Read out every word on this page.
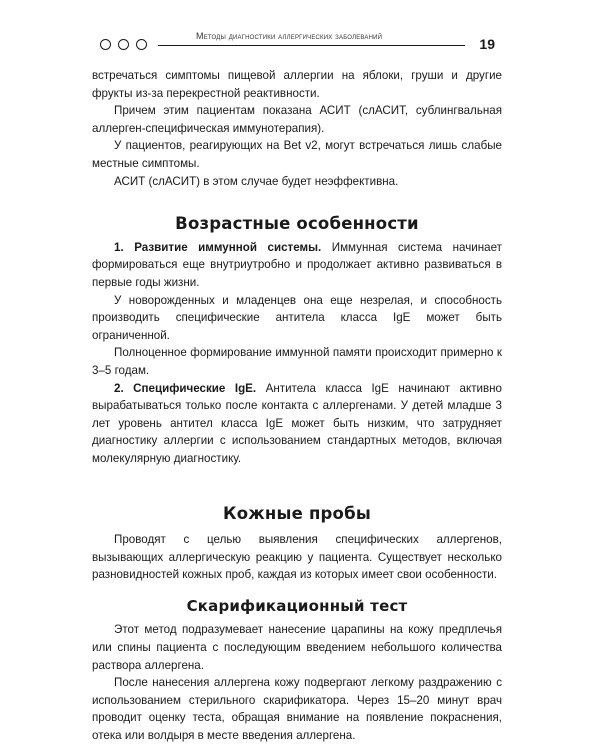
Методы диагностики аллергических заболеваний	19

встречаться симптомы пищевой аллергии на яблоки, груши и другие фрукты из-за перекрестной реактивности.

Причем этим пациентам показана АСИТ (слАСИТ, сублингвальная аллерген-специфическая иммунотерапия).

У пациентов, реагирующих на Bet v2, могут встречаться лишь слабые местные симптомы.

АСИТ (слАСИТ) в этом случае будет неэффективна.

Возрастные особенности

1. Развитие иммунной системы. Иммунная система начинает формироваться еще внутриутробно и продолжает активно развиваться в первые годы жизни.

У новорожденных и младенцев она еще незрелая, и способность производить специфические антитела класса IgE может быть ограниченной.

Полноценное формирование иммунной памяти происходит примерно к 3–5 годам.

2. Специфические IgE. Антитела класса IgE начинают активно вырабатываться только после контакта с аллергенами. У детей младше 3 лет уровень антител класса IgE может быть низким, что затрудняет диагностику аллергии с использованием стандартных методов, включая молекулярную диагностику.

Кожные пробы

Проводят с целью выявления специфических аллергенов, вызывающих аллергическую реакцию у пациента. Существует несколько разновидностей кожных проб, каждая из которых имеет свои особенности.

Скарификационный тест

Этот метод подразумевает нанесение царапины на кожу предплечья или спины пациента с последующим введением небольшого количества раствора аллергена.

После нанесения аллергена кожу подвергают легкому раздражению с использованием стерильного скарификатора. Через 15–20 минут врач проводит оценку теста, обращая внимание на появление покраснения, отека или волдыря в месте введения аллергена.
